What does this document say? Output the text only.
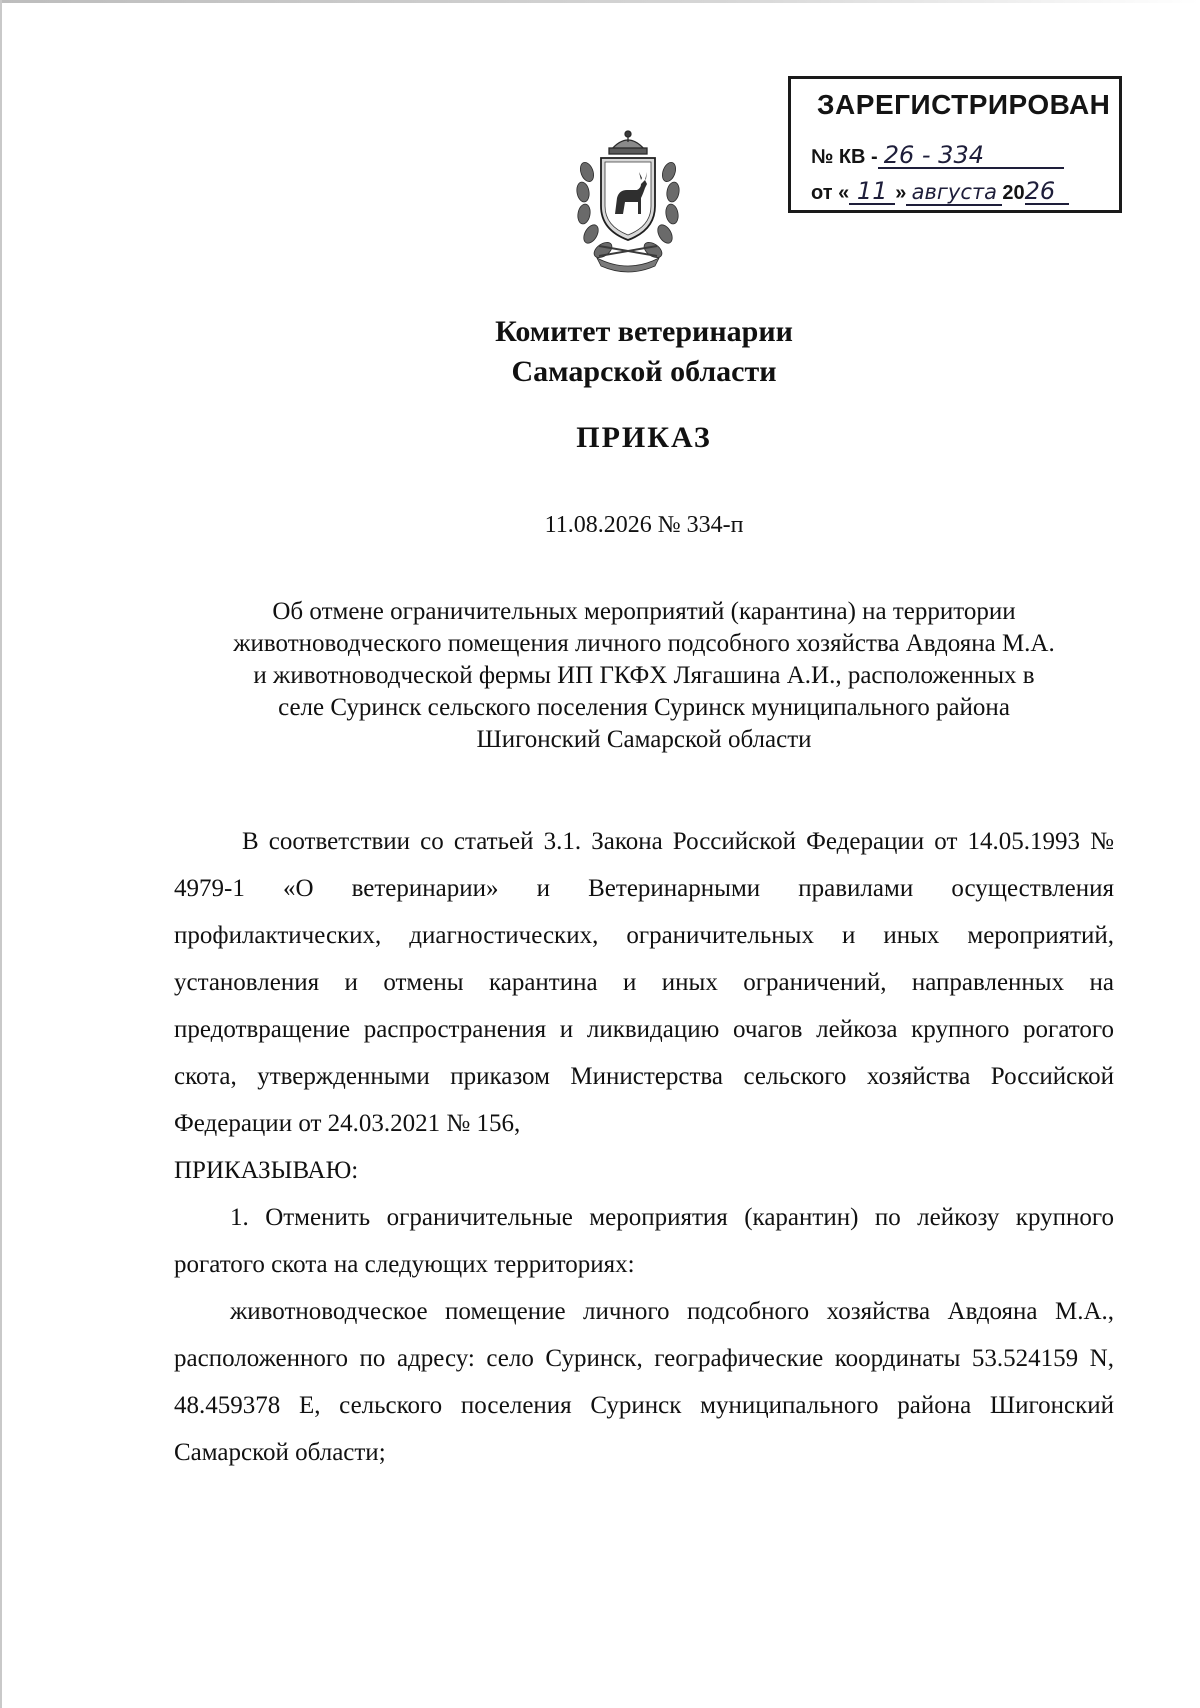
ЗАРЕГИСТРИРОВАН
№ КВ - 26 - 334
от « 11 » августа 2026
Комитет ветеринарии
Самарской области
ПРИКАЗ
11.08.2026 № 334-п
Об отмене ограничительных мероприятий (карантина) на территории
животноводческого помещения личного подсобного хозяйства Авдояна М.А.
и животноводческой фермы ИП ГКФХ Лягашина А.И., расположенных в
селе Суринск сельского поселения Суринск муниципального района
Шигонский Самарской области

В соответствии со статьей 3.1. Закона Российской Федерации от 14.05.1993 № 4979-1 «О ветеринарии» и Ветеринарными правилами осуществления профилактических, диагностических, ограничительных и иных мероприятий, установления и отмены карантина и иных ограничений, направленных на предотвращение распространения и ликвидацию очагов лейкоза крупного рогатого скота, утвержденными приказом Министерства сельского хозяйства Российской Федерации от 24.03.2021 № 156,

ПРИКАЗЫВАЮ:

1. Отменить ограничительные мероприятия (карантин) по лейкозу крупного рогатого скота на следующих территориях:

животноводческое помещение личного подсобного хозяйства Авдояна М.А., расположенного по адресу: село Суринск, географические координаты 53.524159 N, 48.459378 E, сельского поселения Суринск муниципального района Шигонский Самарской области;
